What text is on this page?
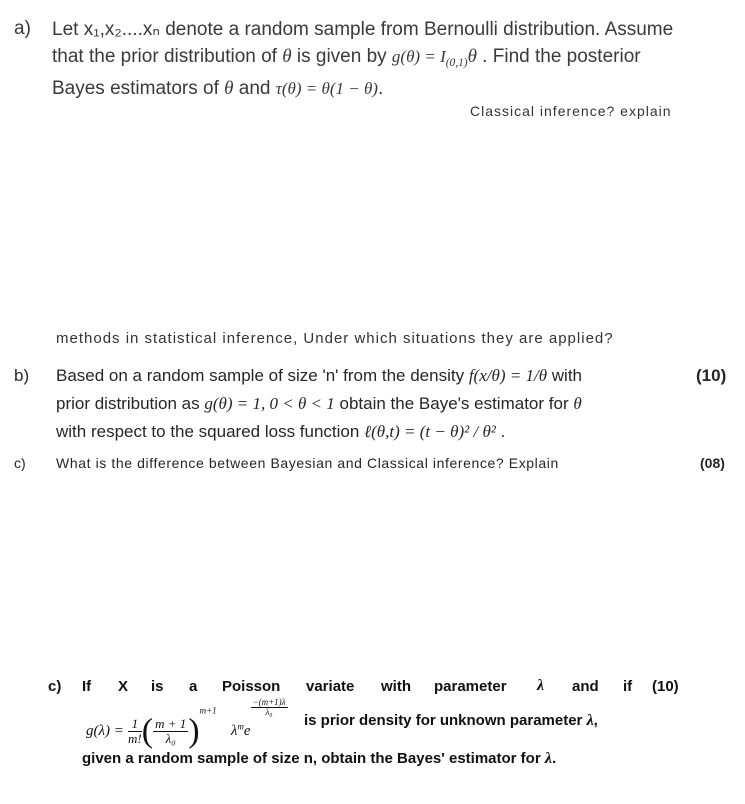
a) Let x₁,x₂....xₙ denote a random sample from Bernoulli distribution. Assume
that the prior distribution of θ is given by $g(\theta) = I_{(0,1)}\theta$ . Find the posterior
Bayes estimators of θ and τ(θ) = θ(1 − θ).
Classical inference? explain
methods in statistical inference, Under which situations they are applied?
b) Based on a random sample of size 'n' from the density f(x/θ) = 1/θ with	(10)
prior distribution as g(θ) = 1, 0 < θ < 1 obtain the Baye's estimator for θ
with respect to the squared loss function ℓ(θ,t) = (t − θ)² / θ² .
c) What is the difference between Bayesian and Classical inference? Explain	(08)
c) If X is a Poisson variate with parameter λ and if (10)
$g(\lambda) = \frac{1}{m!}$ ( $\frac{m + 1}{\text{λ₀}} )^{m+1}$ $\lambda^me$
$\frac{-(m+1)\lambda}{\text{λ₀}}$
is prior density for unknown parameter λ,
given a random sample of size n, obtain the Bayes' estimator for λ.
